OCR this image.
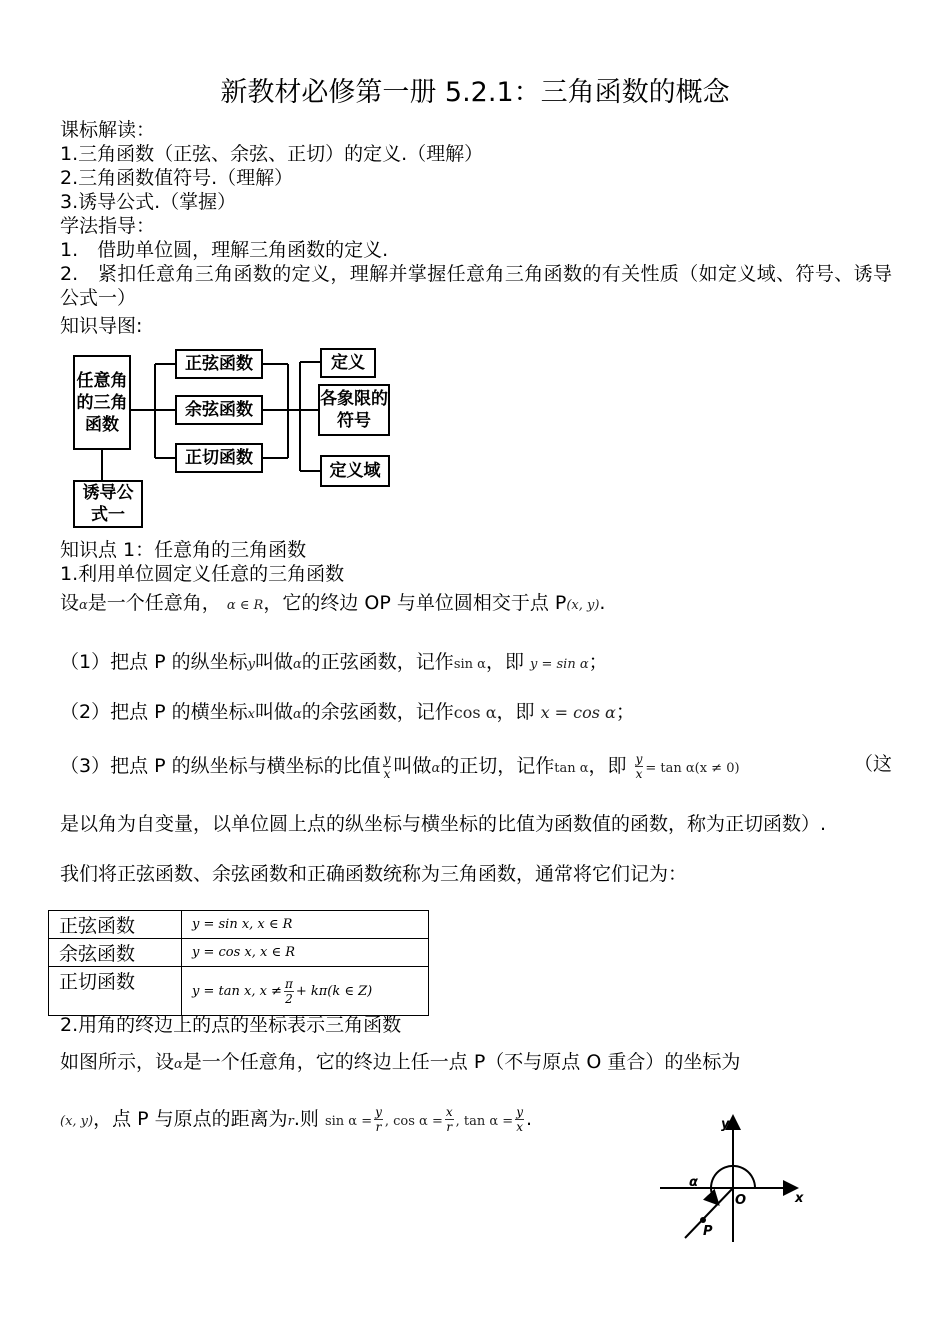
新教材必修第一册 5.2.1：三角函数的概念
课标解读：
1.三角函数（正弦、余弦、正切）的定义.（理解）
2.三角函数值符号.（理解）
3.诱导公式.（掌握）
学法指导：
1.　借助单位圆，理解三角函数的定义.
2.　紧扣任意角三角函数的定义，理解并掌握任意角三角函数的有关性质（如定义域、符号、诱导公式一）
知识导图:
任意角的三角函数
正弦函数
余弦函数
正切函数
定义
各象限的符号
定义域
诱导公式一
知识点 1：任意角的三角函数
1.利用单位圆定义任意的三角函数
设α是一个任意角， α ∈ R，它的终边 OP 与单位圆相交于点 P(x, y).
（1）把点 P 的纵坐标y叫做α的正弦函数，记作sin α，即 y = sin α；
（2）把点 P 的横坐标x叫做α的余弦函数，记作cos α，即 x = cos α；
（3）把点 P 的纵坐标与横坐标的比值 $\frac{y}{x}$ 叫做α的正切，记作tan α，即 $\frac{y}{x} = \tan \alpha(x \ne 0)$	（这
是以角为自变量，以单位圆上点的纵坐标与横坐标的比值为函数值的函数，称为正切函数）.
我们将正弦函数、余弦函数和正确函数统称为三角函数，通常将它们记为：
正弦函数	y = sin x, x ∈ R
余弦函数	y = cos x, x ∈ R
正切函数	y = tan x, $x \ne \frac{\pi}{2} + k\pi(k$ ∈ Z)
2.用角的终边上的点的坐标表示三角函数
如图所示，设α是一个任意角，它的终边上任一点 P（不与原点 O 重合）的坐标为
(x, y)，点 P 与原点的距离为r.则 $\sin \alpha = \frac{y}{r}$ , $\cos \alpha = \frac{x}{r}$ , $\tan \alpha = \frac{y}{x}$ .	y
x
O
α
P
